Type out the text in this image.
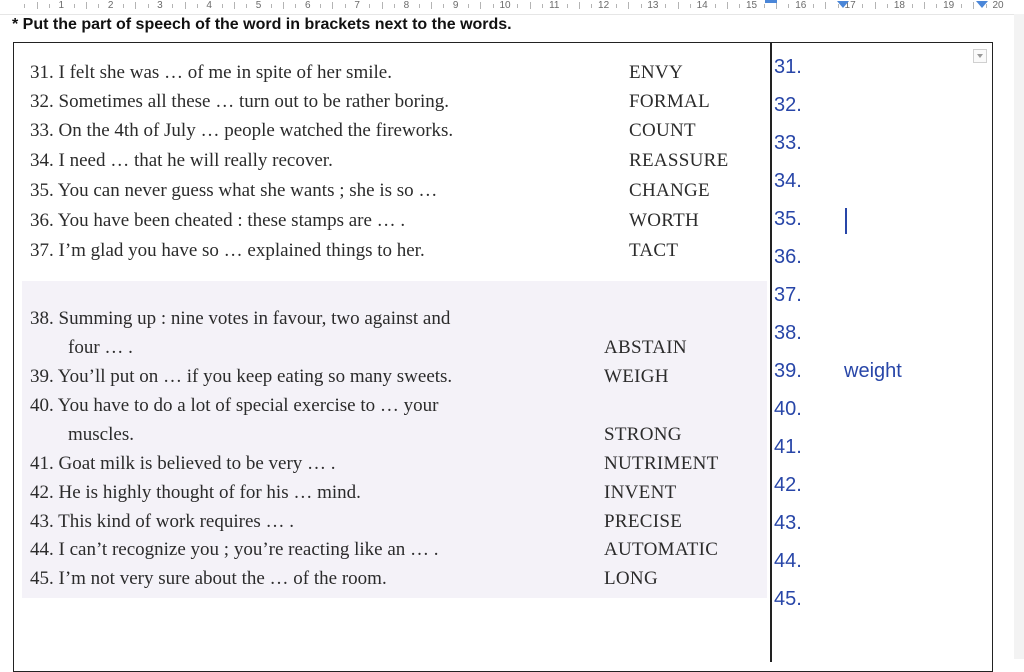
1	2	3	4	5	6	7	8	9	10	11	12	13	14	15	16	17	18	19	20
* Put the part of speech of the word in brackets next to the words.
31. I felt she was … of me in spite of her smile.	ENVY
32. Sometimes all these … turn out to be rather boring.	FORMAL
33. On the 4th of July … people watched the fireworks.	COUNT
34. I need … that he will really recover.	REASSURE
35. You can never guess what she wants ; she is so …	CHANGE
36. You have been cheated : these stamps are … .	WORTH
37. I’m glad you have so … explained things to her.	TACT
38. Summing up : nine votes in favour, two against and
four … .	ABSTAIN
39. You’ll put on … if you keep eating so many sweets.	WEIGH
40. You have to do a lot of special exercise to … your
muscles.	STRONG
41. Goat milk is believed to be very … .	NUTRIMENT
42. He is highly thought of for his … mind.	INVENT
43. This kind of work requires … .	PRECISE
44. I can’t recognize you ; you’re reacting like an … .	AUTOMATIC
45. I’m not very sure about the … of the room.	LONG
31.
32.
33.
34.
35.
36.
37.
38.
39. weight
40.
41.
42.
43.
44.
45.
